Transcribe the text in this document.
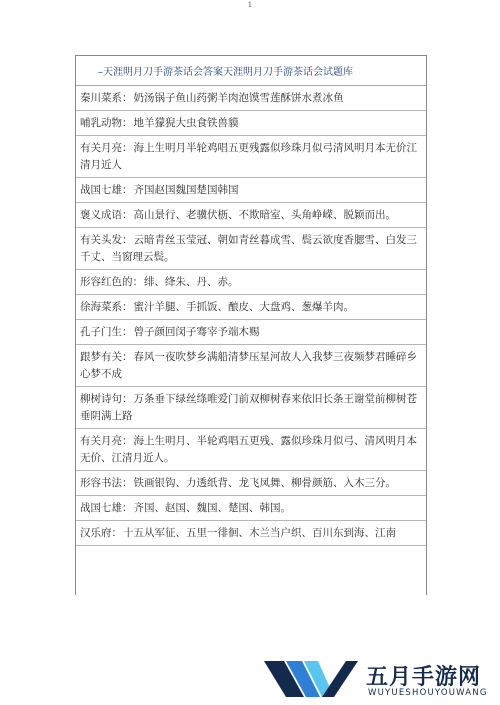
1
–天涯明月刀手游茶话会答案天涯明月刀手游茶话会试题库
秦川菜系：奶汤锅子鱼山药粥羊肉泡馍雪莲酥饼水煮冰鱼
哺乳动物：地羊獴猊大虫食铁兽貘
有关月亮：海上生明月半轮鸡唱五更残露似珍珠月似弓清风明月本无价江清月近人
战国七雄：齐国赵国魏国楚国韩国
褒义成语：高山景行、老骥伏枥、不欺暗室、头角峥嵘、脱颖而出。
有关头发：云暗青丝玉莹冠、朝如青丝暮成雪、鬓云欲度香腮雪、白发三千丈、当窗理云鬓。
形容红色的：绯、绛朱、丹、赤。
徐海菜系：蜜汁羊腿、手抓饭、酿皮、大盘鸡、葱爆羊肉。
孔子门生：曾子颜回闵子骞宰予端木赐
跟梦有关：春风一夜吹梦乡满船清梦压星河故人入我梦三夜频梦君睡碎乡心梦不成
柳树诗句：万条垂下绿丝绦唯爱门前双柳树春来依旧长条王谢堂前柳树苍垂阴满上路
有关月亮：海上生明月、半轮鸡唱五更残、露似珍珠月似弓、清风明月本无价、江清月近人。
形容书法：铁画银钩、力透纸背、龙飞凤舞、柳骨颜筋、入木三分。
战国七雄：齐国、赵国、魏国、楚国、韩国。
汉乐府：十五从军征、五里一徘徊、木兰当户织、百川东到海、江南
五月手游网
WUYUESHOUYOUWANG
